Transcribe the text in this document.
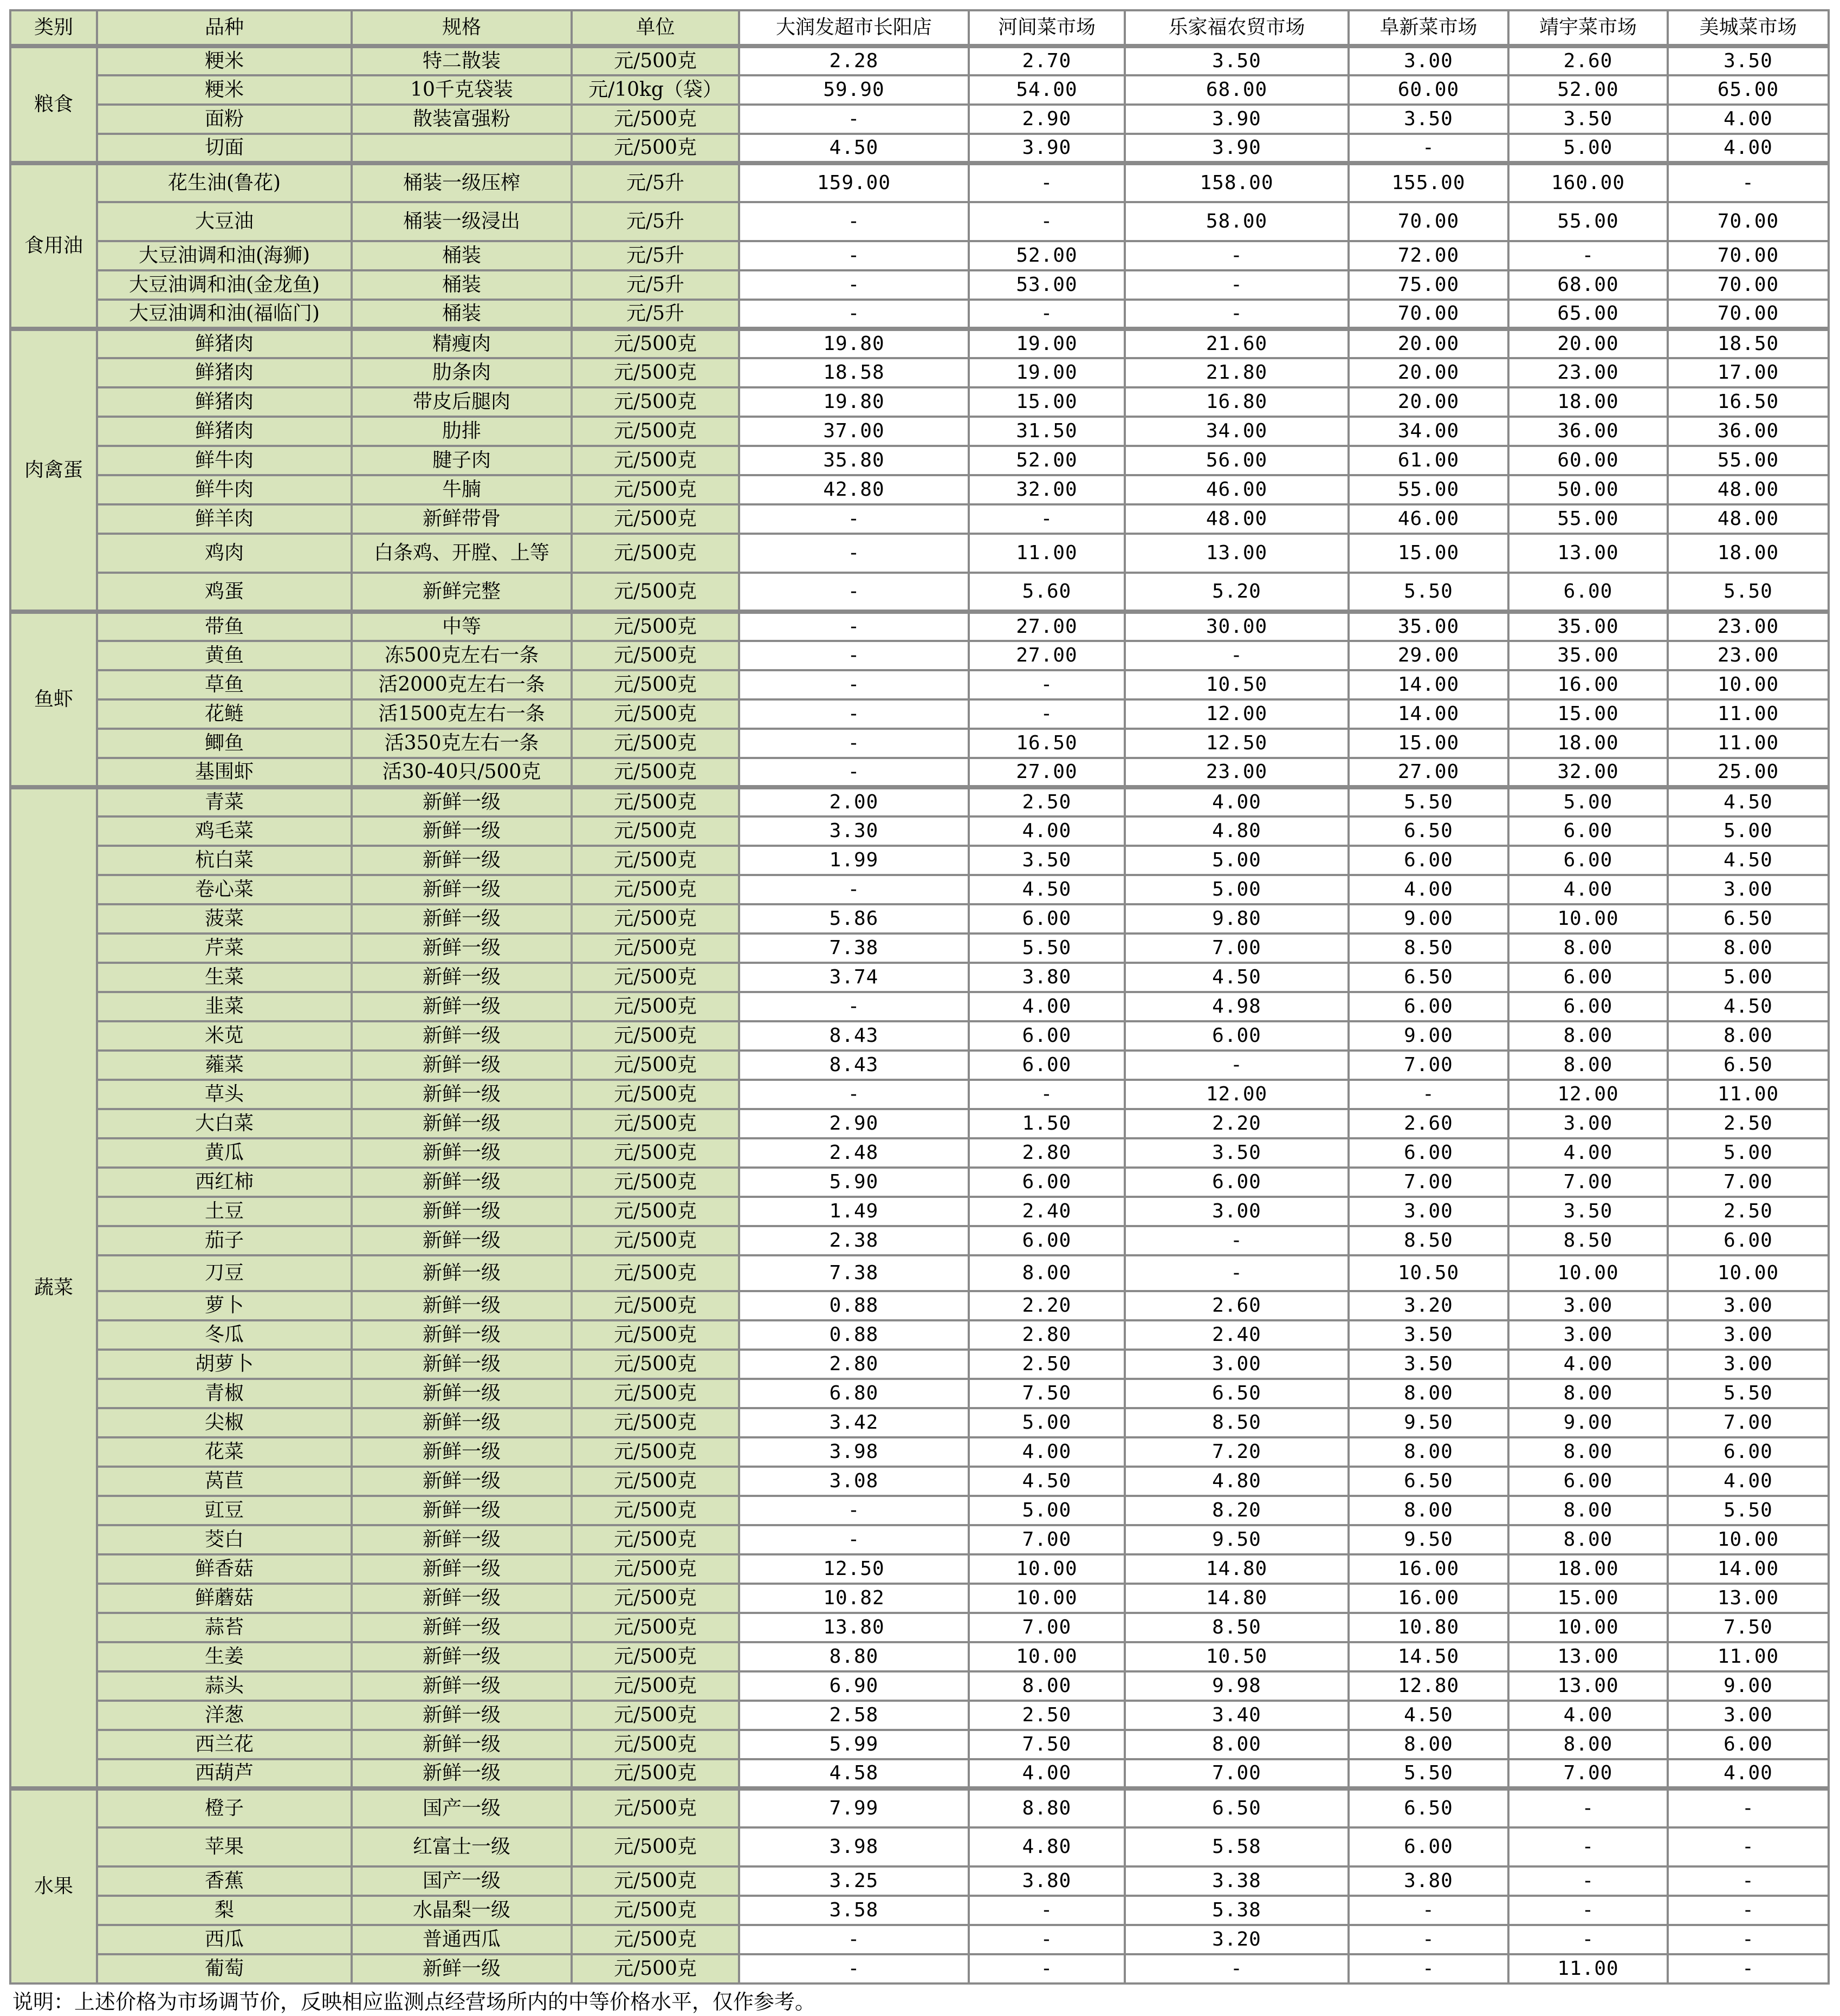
类别	品种	规格	单位	大润发超市长阳店	河间菜市场	乐家福农贸市场	阜新菜市场	靖宇菜市场	美城菜市场
粮食	粳米	特二散装	元/500克	2.28	2.70	3.50	3.00	2.60	3.50
	粳米	10千克袋装	元/10kg（袋）	59.90	54.00	68.00	60.00	52.00	65.00
	面粉	散装富强粉	元/500克	-	2.90	3.90	3.50	3.50	4.00
	切面		元/500克	4.50	3.90	3.90	-	5.00	4.00
食用油	花生油(鲁花)	桶装一级压榨	元/5升	159.00	-	158.00	155.00	160.00	-
	大豆油	桶装一级浸出	元/5升	-	-	58.00	70.00	55.00	70.00
	大豆油调和油(海狮)	桶装	元/5升	-	52.00	-	72.00	-	70.00
	大豆油调和油(金龙鱼)	桶装	元/5升	-	53.00	-	75.00	68.00	70.00
	大豆油调和油(福临门)	桶装	元/5升	-	-	-	70.00	65.00	70.00
肉禽蛋	鲜猪肉	精瘦肉	元/500克	19.80	19.00	21.60	20.00	20.00	18.50
	鲜猪肉	肋条肉	元/500克	18.58	19.00	21.80	20.00	23.00	17.00
	鲜猪肉	带皮后腿肉	元/500克	19.80	15.00	16.80	20.00	18.00	16.50
	鲜猪肉	肋排	元/500克	37.00	31.50	34.00	34.00	36.00	36.00
	鲜牛肉	腱子肉	元/500克	35.80	52.00	56.00	61.00	60.00	55.00
	鲜牛肉	牛腩	元/500克	42.80	32.00	46.00	55.00	50.00	48.00
	鲜羊肉	新鲜带骨	元/500克	-	-	48.00	46.00	55.00	48.00
	鸡肉	白条鸡、开膛、上等	元/500克	-	11.00	13.00	15.00	13.00	18.00
	鸡蛋	新鲜完整	元/500克	-	5.60	5.20	5.50	6.00	5.50
鱼虾	带鱼	中等	元/500克	-	27.00	30.00	35.00	35.00	23.00
	黄鱼	冻500克左右一条	元/500克	-	27.00	-	29.00	35.00	23.00
	草鱼	活2000克左右一条	元/500克	-	-	10.50	14.00	16.00	10.00
	花鲢	活1500克左右一条	元/500克	-	-	12.00	14.00	15.00	11.00
	鲫鱼	活350克左右一条	元/500克	-	16.50	12.50	15.00	18.00	11.00
	基围虾	活30-40只/500克	元/500克	-	27.00	23.00	27.00	32.00	25.00
蔬菜	青菜	新鲜一级	元/500克	2.00	2.50	4.00	5.50	5.00	4.50
	鸡毛菜	新鲜一级	元/500克	3.30	4.00	4.80	6.50	6.00	5.00
	杭白菜	新鲜一级	元/500克	1.99	3.50	5.00	6.00	6.00	4.50
	卷心菜	新鲜一级	元/500克	-	4.50	5.00	4.00	4.00	3.00
	菠菜	新鲜一级	元/500克	5.86	6.00	9.80	9.00	10.00	6.50
	芹菜	新鲜一级	元/500克	7.38	5.50	7.00	8.50	8.00	8.00
	生菜	新鲜一级	元/500克	3.74	3.80	4.50	6.50	6.00	5.00
	韭菜	新鲜一级	元/500克	-	4.00	4.98	6.00	6.00	4.50
	米苋	新鲜一级	元/500克	8.43	6.00	6.00	9.00	8.00	8.00
	蕹菜	新鲜一级	元/500克	8.43	6.00	-	7.00	8.00	6.50
	草头	新鲜一级	元/500克	-	-	12.00	-	12.00	11.00
	大白菜	新鲜一级	元/500克	2.90	1.50	2.20	2.60	3.00	2.50
	黄瓜	新鲜一级	元/500克	2.48	2.80	3.50	6.00	4.00	5.00
	西红柿	新鲜一级	元/500克	5.90	6.00	6.00	7.00	7.00	7.00
	土豆	新鲜一级	元/500克	1.49	2.40	3.00	3.00	3.50	2.50
	茄子	新鲜一级	元/500克	2.38	6.00	-	8.50	8.50	6.00
	刀豆	新鲜一级	元/500克	7.38	8.00	-	10.50	10.00	10.00
	萝卜	新鲜一级	元/500克	0.88	2.20	2.60	3.20	3.00	3.00
	冬瓜	新鲜一级	元/500克	0.88	2.80	2.40	3.50	3.00	3.00
	胡萝卜	新鲜一级	元/500克	2.80	2.50	3.00	3.50	4.00	3.00
	青椒	新鲜一级	元/500克	6.80	7.50	6.50	8.00	8.00	5.50
	尖椒	新鲜一级	元/500克	3.42	5.00	8.50	9.50	9.00	7.00
	花菜	新鲜一级	元/500克	3.98	4.00	7.20	8.00	8.00	6.00
	莴苣	新鲜一级	元/500克	3.08	4.50	4.80	6.50	6.00	4.00
	豇豆	新鲜一级	元/500克	-	5.00	8.20	8.00	8.00	5.50
	茭白	新鲜一级	元/500克	-	7.00	9.50	9.50	8.00	10.00
	鲜香菇	新鲜一级	元/500克	12.50	10.00	14.80	16.00	18.00	14.00
	鲜蘑菇	新鲜一级	元/500克	10.82	10.00	14.80	16.00	15.00	13.00
	蒜苔	新鲜一级	元/500克	13.80	7.00	8.50	10.80	10.00	7.50
	生姜	新鲜一级	元/500克	8.80	10.00	10.50	14.50	13.00	11.00
	蒜头	新鲜一级	元/500克	6.90	8.00	9.98	12.80	13.00	9.00
	洋葱	新鲜一级	元/500克	2.58	2.50	3.40	4.50	4.00	3.00
	西兰花	新鲜一级	元/500克	5.99	7.50	8.00	8.00	8.00	6.00
	西葫芦	新鲜一级	元/500克	4.58	4.00	7.00	5.50	7.00	4.00
水果	橙子	国产一级	元/500克	7.99	8.80	6.50	6.50	-	-
	苹果	红富士一级	元/500克	3.98	4.80	5.58	6.00	-	-
	香蕉	国产一级	元/500克	3.25	3.80	3.38	3.80	-	-
	梨	水晶梨一级	元/500克	3.58	-	5.38	-	-	-
	西瓜	普通西瓜	元/500克	-	-	3.20	-	-	-
	葡萄	新鲜一级	元/500克	-	-	-	-	11.00	-
说明：上述价格为市场调节价，反映相应监测点经营场所内的中等价格水平，仅作参考。
